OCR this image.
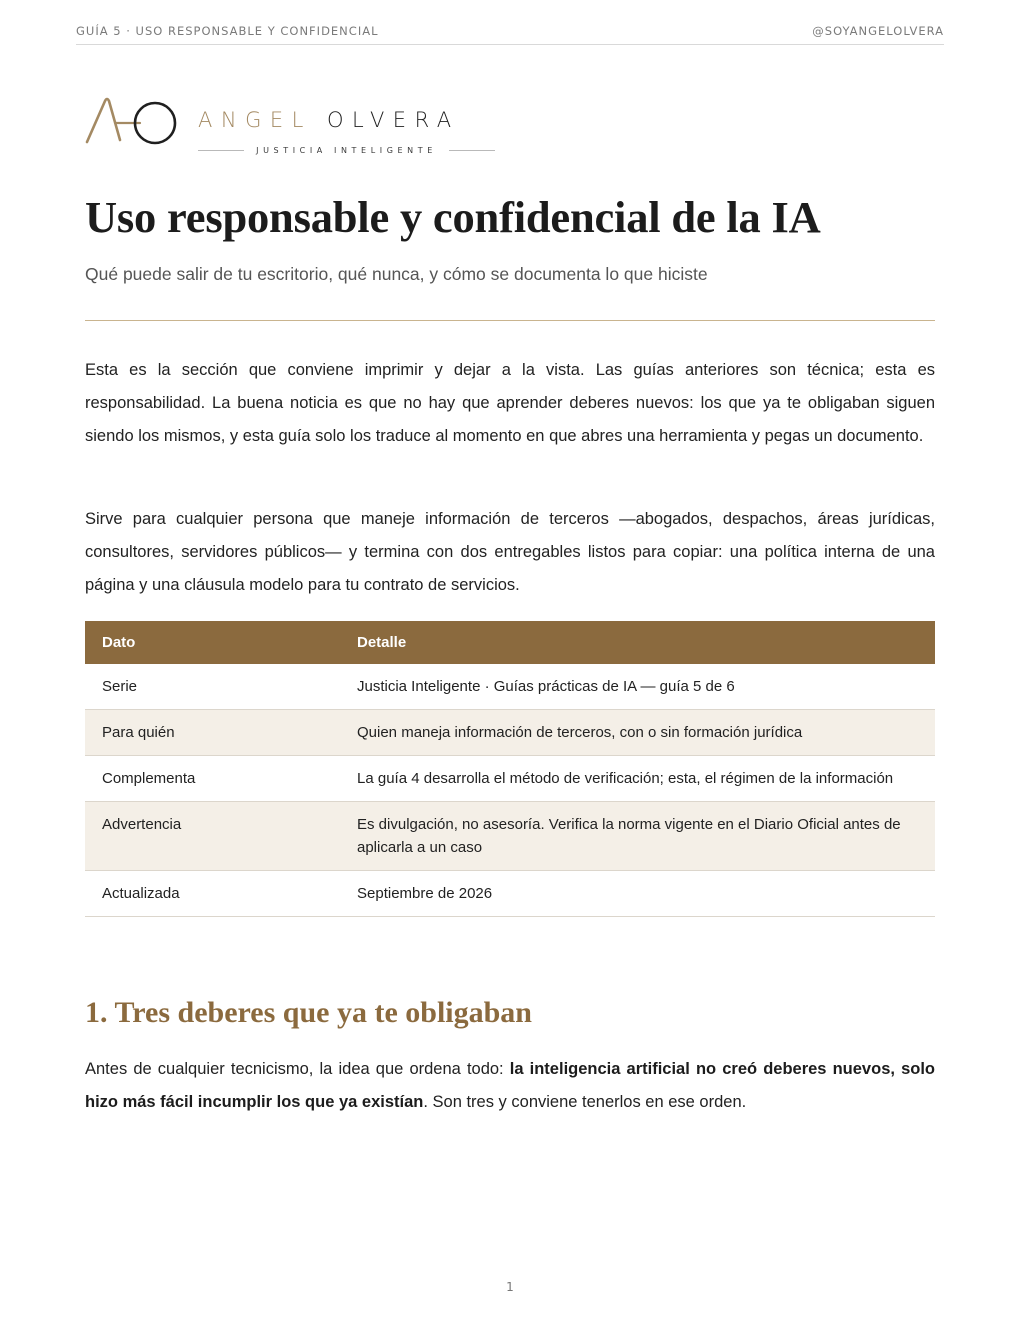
GUÍA 5 · USO RESPONSABLE Y CONFIDENCIAL	@SOYANGELOLVERA
ANGEL OLVERA
JUSTICIA INTELIGENTE
Uso responsable y confidencial de la IA

Qué puede salir de tu escritorio, qué nunca, y cómo se documenta lo que hiciste

Esta es la sección que conviene imprimir y dejar a la vista. Las guías anteriores son técnica; esta es responsabilidad. La buena noticia es que no hay que aprender deberes nuevos: los que ya te obligaban siguen siendo los mismos, y esta guía solo los traduce al momento en que abres una herramienta y pegas un documento.

Sirve para cualquier persona que maneje información de terceros —abogados, despachos, áreas jurídicas, consultores, servidores públicos— y termina con dos entregables listos para copiar: una política interna de una página y una cláusula modelo para tu contrato de servicios.

Dato	Detalle
Serie	Justicia Inteligente · Guías prácticas de IA — guía 5 de 6
Para quién	Quien maneja información de terceros, con o sin formación jurídica
Complementa	La guía 4 desarrolla el método de verificación; esta, el régimen de la información
Advertencia	Es divulgación, no asesoría. Verifica la norma vigente en el Diario Oficial antes de aplicarla a un caso
Actualizada	Septiembre de 2026
1. Tres deberes que ya te obligaban

Antes de cualquier tecnicismo, la idea que ordena todo: la inteligencia artificial no creó deberes nuevos, solo hizo más fácil incumplir los que ya existían. Son tres y conviene tenerlos en ese orden.

1
